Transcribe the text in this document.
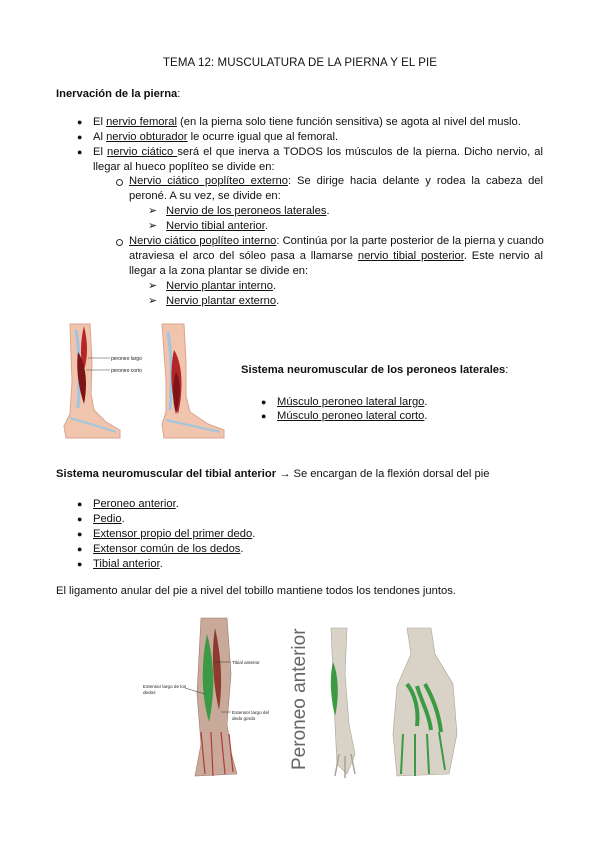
TEMA 12: MUSCULATURA DE LA PIERNA Y EL PIE
Inervación de la pierna:
● El nervio femoral (en la pierna solo tiene función sensitiva) se agota al nivel del muslo.
● Al nervio obturador le ocurre igual que al femoral.
● El nervio ciático será el que inerva a TODOS los músculos de la pierna. Dicho nervio, al
llegar al hueco poplíteo se divide en:
Nervio ciático poplíteo externo: Se dirige hacia delante y rodea la cabeza del
peroné. A su vez, se divide en:
➢ Nervio de los peroneos laterales.
➢ Nervio tibial anterior.
Nervio ciático poplíteo interno: Continúa por la parte posterior de la pierna y cuando
atraviesa el arco del sóleo pasa a llamarse nervio tibial posterior. Este nervio al
llegar a la zona plantar se divide en:
➢ Nervio plantar interno.
➢ Nervio plantar externo.
peroneo largo
peroneo corto	Sistema neuromuscular de los peroneos laterales:
● Músculo peroneo lateral largo.
● Músculo peroneo lateral corto.
Sistema neuromuscular del tibial anterior → Se encargan de la flexión dorsal del pie
● Peroneo anterior.
● Pedio.
● Extensor propio del primer dedo.
● Extensor común de los dedos.
● Tibial anterior.
El ligamento anular del pie a nivel del tobillo mantiene todos los tendones juntos.
Tibial anterior
Extensor largo de los
dedos
Extensor largo del
dedo gordo Peroneo anterior
